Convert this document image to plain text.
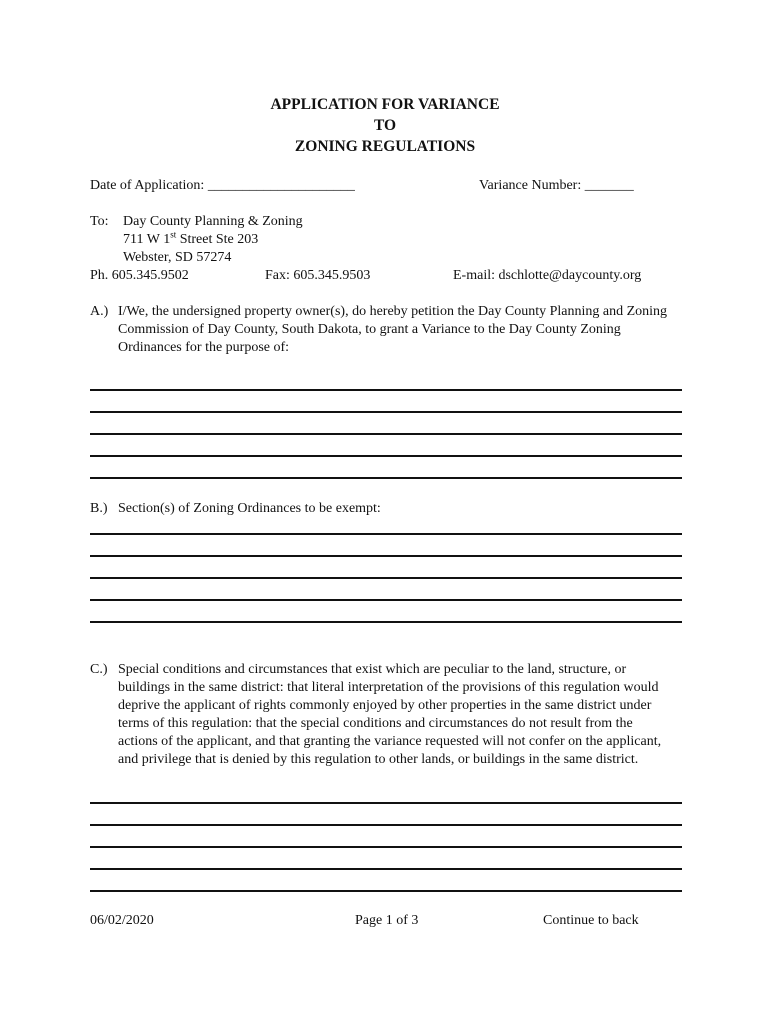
APPLICATION FOR VARIANCE
TO
ZONING REGULATIONS
Date of Application: _____________________	Variance Number: _______
To: Day County Planning & Zoning
711 W 1st Street Ste 203
Webster, SD 57274
Ph. 605.345.9502	Fax: 605.345.9503	E-mail: dschlotte@daycounty.org
A.) I/We, the undersigned property owner(s), do hereby petition the Day County Planning and Zoning Commission of Day County, South Dakota, to grant a Variance to the Day County Zoning Ordinances for the purpose of:
B.) Section(s) of Zoning Ordinances to be exempt:
C.) Special conditions and circumstances that exist which are peculiar to the land, structure, or buildings in the same district: that literal interpretation of the provisions of this regulation would deprive the applicant of rights commonly enjoyed by other properties in the same district under terms of this regulation: that the special conditions and circumstances do not result from the actions of the applicant, and that granting the variance requested will not confer on the applicant, and privilege that is denied by this regulation to other lands, or buildings in the same district.
06/02/2020	Page 1 of 3	Continue to back
